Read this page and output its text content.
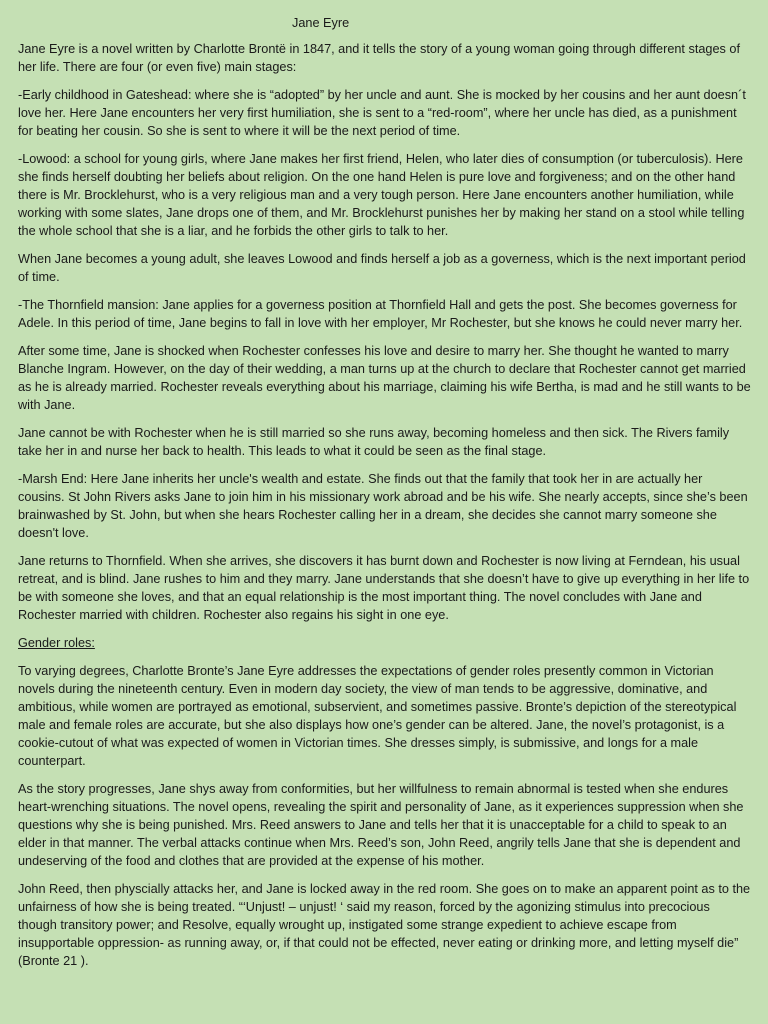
Jane Eyre

Jane Eyre is a novel written by Charlotte Brontë in 1847, and it tells the story of a young woman going through different stages of her life. There are four (or even five) main stages:

-Early childhood in Gateshead: where she is “adopted” by her uncle and aunt. She is mocked by her cousins and her aunt doesn´t love her. Here Jane encounters her very first humiliation, she is sent to a “red-room”, where her uncle has died, as a punishment for beating her cousin. So she is sent to where it will be the next period of time.

-Lowood: a school for young girls, where Jane makes her first friend, Helen, who later dies of consumption (or tuberculosis). Here she finds herself doubting her beliefs about religion. On the one hand Helen is pure love and forgiveness; and on the other hand there is Mr. Brocklehurst, who is a very religious man and a very tough person. Here Jane encounters another humiliation, while working with some slates, Jane drops one of them, and Mr. Brocklehurst punishes her by making her stand on a stool while telling the whole school that she is a liar, and he forbids the other girls to talk to her.

When Jane becomes a young adult, she leaves Lowood and finds herself a job as a governess, which is the next important period of time.

-The Thornfield mansion: Jane applies for a governess position at Thornfield Hall and gets the post. She becomes governess for Adele. In this period of time, Jane begins to fall in love with her employer, Mr Rochester, but she knows he could never marry her.

After some time, Jane is shocked when Rochester confesses his love and desire to marry her. She thought he wanted to marry Blanche Ingram. However, on the day of their wedding, a man turns up at the church to declare that Rochester cannot get married as he is already married. Rochester reveals everything about his marriage, claiming his wife Bertha, is mad and he still wants to be with Jane.

Jane cannot be with Rochester when he is still married so she runs away, becoming homeless and then sick. The Rivers family take her in and nurse her back to health. This leads to what it could be seen as the final stage.

-Marsh End: Here Jane inherits her uncle's wealth and estate. She finds out that the family that took her in are actually her cousins. St John Rivers asks Jane to join him in his missionary work abroad and be his wife. She nearly accepts, since she’s been brainwashed by St. John, but when she hears Rochester calling her in a dream, she decides she cannot marry someone she doesn't love.

Jane returns to Thornfield. When she arrives, she discovers it has burnt down and Rochester is now living at Ferndean, his usual retreat, and is blind. Jane rushes to him and they marry. Jane understands that she doesn’t have to give up everything in her life to be with someone she loves, and that an equal relationship is the most important thing. The novel concludes with Jane and Rochester married with children. Rochester also regains his sight in one eye.

Gender roles:

To varying degrees, Charlotte Bronte’s Jane Eyre addresses the expectations of gender roles presently common in Victorian novels during the nineteenth century. Even in modern day society, the view of man tends to be aggressive, dominative, and ambitious, while women are portrayed as emotional, subservient, and sometimes passive. Bronte’s depiction of the stereotypical male and female roles are accurate, but she also displays how one’s gender can be altered. Jane, the novel’s protagonist, is a cookie-cutout of what was expected of women in Victorian times. She dresses simply, is submissive, and longs for a male counterpart.

As the story progresses, Jane shys away from conformities, but her willfulness to remain abnormal is tested when she endures heart-wrenching situations. The novel opens, revealing the spirit and personality of Jane, as it experiences suppression when she questions why she is being punished. Mrs. Reed answers to Jane and tells her that it is unacceptable for a child to speak to an elder in that manner. The verbal attacks continue when Mrs. Reed’s son, John Reed, angrily tells Jane that she is dependent and undeserving of the food and clothes that are provided at the expense of his mother.

John Reed, then physcially attacks her, and Jane is locked away in the red room. She goes on to make an apparent point as to the unfairness of how she is being treated. “‘Unjust! – unjust! ‘ said my reason, forced by the agonizing stimulus into precocious though transitory power; and Resolve, equally wrought up, instigated some strange expedient to achieve escape from insupportable oppression- as running away, or, if that could not be effected, never eating or drinking more, and letting myself die” (Bronte 21 ).
